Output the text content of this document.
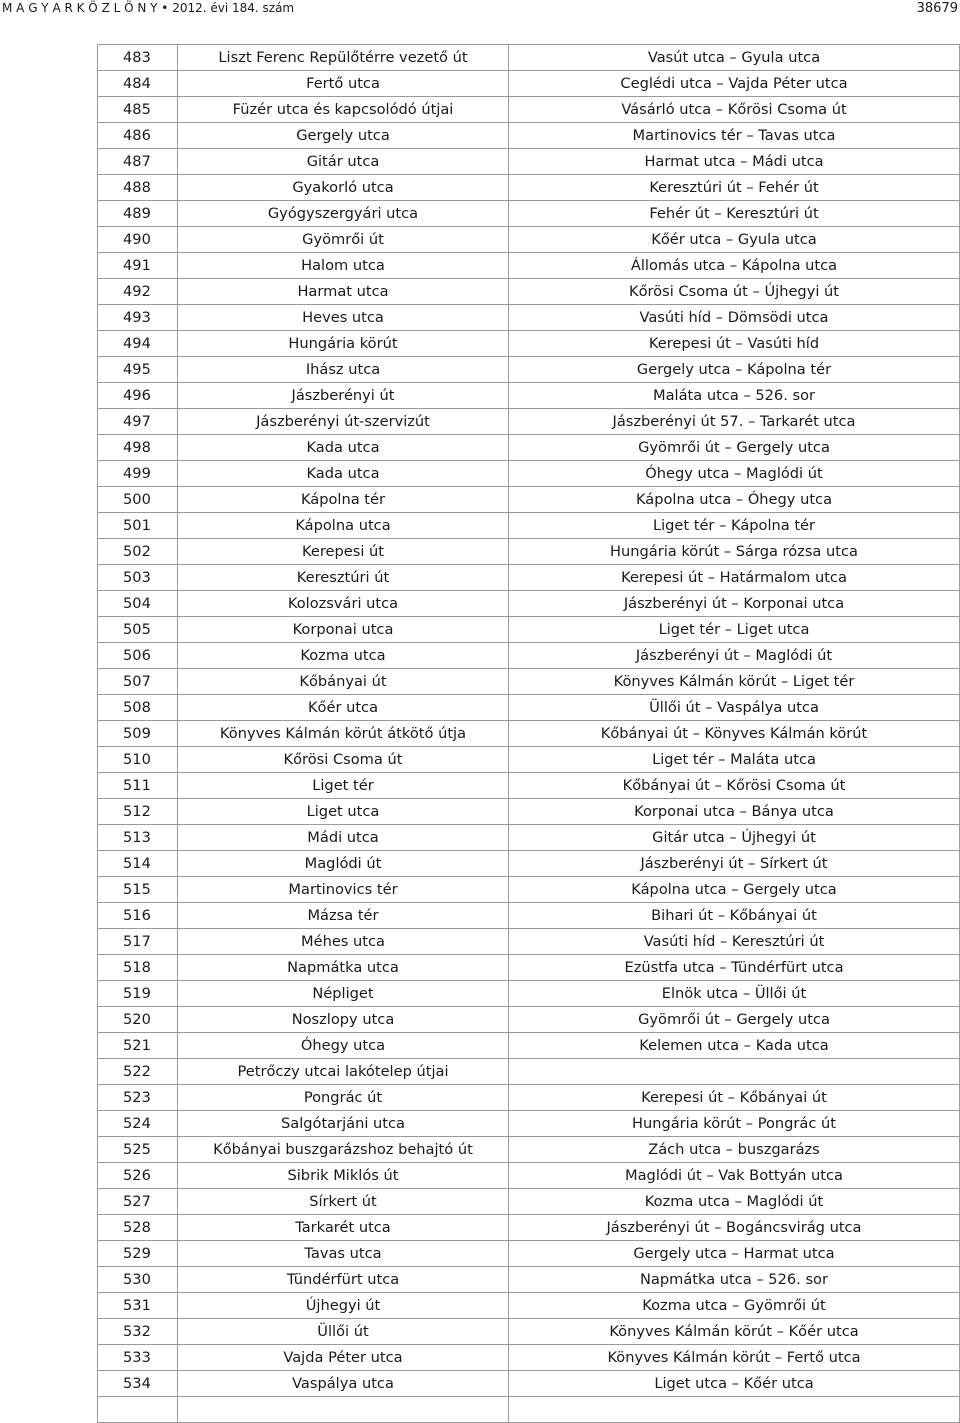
M A G Y A R K Ö Z L Ö N Y • 2012. évi 184. szám	38679
483	Liszt Ferenc Repülőtérre vezető út	Vasút utca – Gyula utca
484	Fertő utca	Ceglédi utca – Vajda Péter utca
485	Füzér utca és kapcsolódó útjai	Vásárló utca – Kőrösi Csoma út
486	Gergely utca	Martinovics tér – Tavas utca
487	Gitár utca	Harmat utca – Mádi utca
488	Gyakorló utca	Keresztúri út – Fehér út
489	Gyógyszergyári utca	Fehér út – Keresztúri út
490	Gyömrői út	Kőér utca – Gyula utca
491	Halom utca	Állomás utca – Kápolna utca
492	Harmat utca	Kőrösi Csoma út – Újhegyi út
493	Heves utca	Vasúti híd – Dömsödi utca
494	Hungária körút	Kerepesi út – Vasúti híd
495	Ihász utca	Gergely utca – Kápolna tér
496	Jászberényi út	Maláta utca – 526. sor
497	Jászberényi út-szervizút	Jászberényi út 57. – Tarkarét utca
498	Kada utca	Gyömrői út – Gergely utca
499	Kada utca	Óhegy utca – Maglódi út
500	Kápolna tér	Kápolna utca – Óhegy utca
501	Kápolna utca	Liget tér – Kápolna tér
502	Kerepesi út	Hungária körút – Sárga rózsa utca
503	Keresztúri út	Kerepesi út – Határmalom utca
504	Kolozsvári utca	Jászberényi út – Korponai utca
505	Korponai utca	Liget tér – Liget utca
506	Kozma utca	Jászberényi út – Maglódi út
507	Kőbányai út	Könyves Kálmán körút – Liget tér
508	Kőér utca	Üllői út – Vaspálya utca
509	Könyves Kálmán körút átkötő útja	Kőbányai út – Könyves Kálmán körút
510	Kőrösi Csoma út	Liget tér – Maláta utca
511	Liget tér	Kőbányai út – Kőrösi Csoma út
512	Liget utca	Korponai utca – Bánya utca
513	Mádi utca	Gitár utca – Újhegyi út
514	Maglódi út	Jászberényi út – Sírkert út
515	Martinovics tér	Kápolna utca – Gergely utca
516	Mázsa tér	Bihari út – Kőbányai út
517	Méhes utca	Vasúti híd – Keresztúri út
518	Napmátka utca	Ezüstfa utca – Tündérfürt utca
519	Népliget	Elnök utca – Üllői út
520	Noszlopy utca	Gyömrői út – Gergely utca
521	Óhegy utca	Kelemen utca – Kada utca
522	Petrőczy utcai lakótelep útjai	
523	Pongrác út	Kerepesi út – Kőbányai út
524	Salgótarjáni utca	Hungária körút – Pongrác út
525	Kőbányai buszgarázshoz behajtó út	Zách utca – buszgarázs
526	Sibrik Miklós út	Maglódi út – Vak Bottyán utca
527	Sírkert út	Kozma utca – Maglódi út
528	Tarkarét utca	Jászberényi út – Bogáncsvirág utca
529	Tavas utca	Gergely utca – Harmat utca
530	Tündérfürt utca	Napmátka utca – 526. sor
531	Újhegyi út	Kozma utca – Gyömrői út
532	Üllői út	Könyves Kálmán körút – Kőér utca
533	Vajda Péter utca	Könyves Kálmán körút – Fertő utca
534	Vaspálya utca	Liget utca – Kőér utca
